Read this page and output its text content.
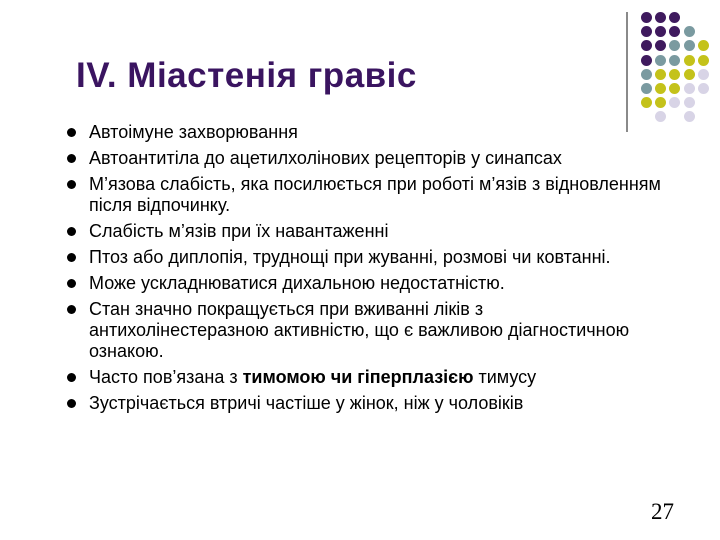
IV. Міастенія гравіс
Автоімуне захворювання
Автоантитіла до ацетилхолінових рецепторів у синапсах
М’язова слабість, яка посилюється при роботі м’язів з відновленням після відпочинку.
Слабість м’язів при їх навантаженні
Птоз або диплопія, труднощі при жуванні, розмові чи ковтанні.
Може ускладнюватися дихальною недостатністю.
Стан значно покращується при вживанні ліків з антихолінестеразною активністю, що є важливою діагностичною ознакою.
Часто пов’язана з тимомою чи гіперплазією тимусу
Зустрічається втричі частіше у жінок, ніж у чоловіків
27
